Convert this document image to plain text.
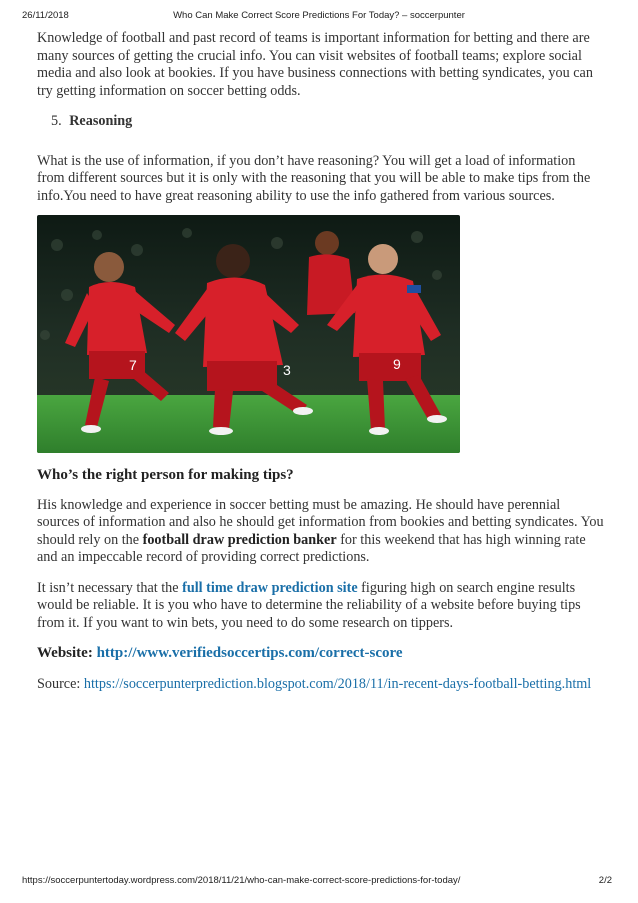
26/11/2018	Who Can Make Correct Score Predictions For Today? – soccerpunter

Knowledge of football and past record of teams is important information for betting and there are many sources of getting the crucial info. You can visit websites of football teams; explore social media and also look at bookies. If you have business connections with betting syndicates, you can try getting information on soccer betting odds.

5. Reasoning

What is the use of information, if you don’t have reasoning? You will get a load of information from different sources but it is only with the reasoning that you will be able to make tips from the info.You need to have great reasoning ability to use the info gathered from various sources.

7	3	9

Who’s the right person for making tips?

His knowledge and experience in soccer betting must be amazing. He should have perennial sources of information and also he should get information from bookies and betting syndicates. You should rely on the football draw prediction banker for this weekend that has high winning rate and an impeccable record of providing correct predictions.

It isn’t necessary that the full time draw prediction site figuring high on search engine results would be reliable. It is you who have to determine the reliability of a website before buying tips from it. If you want to win bets, you need to do some research on tippers.

Website: http://www.verifiedsoccertips.com/correct-score

Source: https://soccerpunterprediction.blogspot.com/2018/11/in-recent-days-football-betting.html

https://soccerpuntertoday.wordpress.com/2018/11/21/who-can-make-correct-score-predictions-for-today/	2/2
